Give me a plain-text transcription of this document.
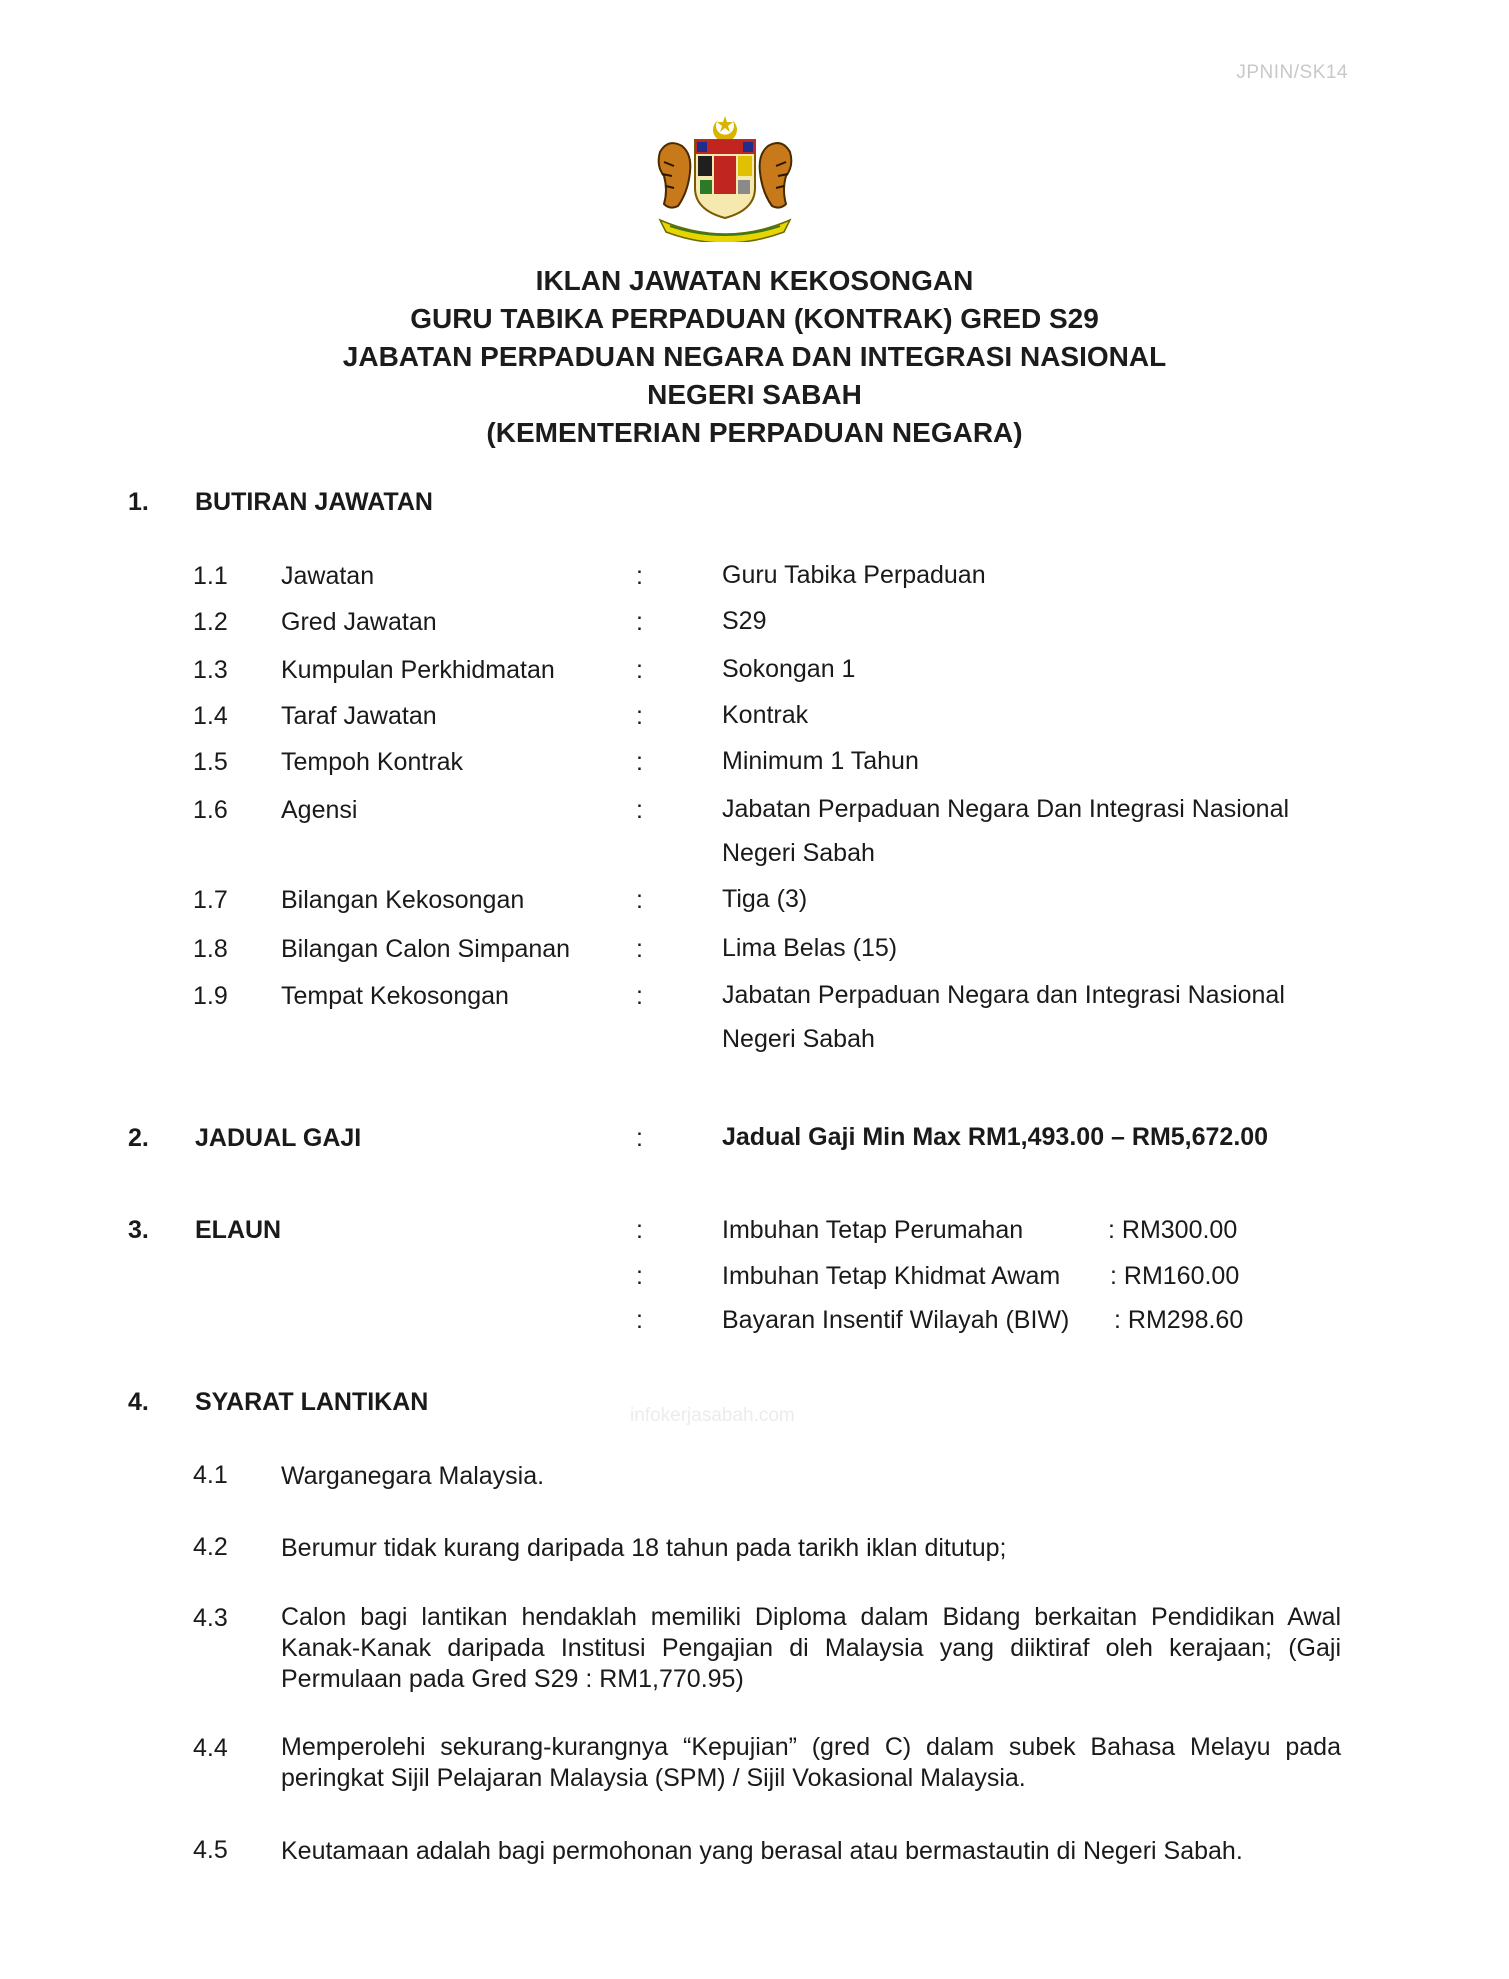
JPNIN/SK14
IKLAN JAWATAN KEKOSONGAN
GURU TABIKA PERPADUAN (KONTRAK) GRED S29
JABATAN PERPADUAN NEGARA DAN INTEGRASI NASIONAL
NEGERI SABAH
(KEMENTERIAN PERPADUAN NEGARA)
1. BUTIRAN JAWATAN
1.1 Jawatan	:	Guru Tabika Perpaduan
1.2 Gred Jawatan	:	S29
1.3 Kumpulan Perkhidmatan	:	Sokongan 1
1.4 Taraf Jawatan	:	Kontrak
1.5 Tempoh Kontrak	:	Minimum 1 Tahun
1.6 Agensi	:	Jabatan Perpaduan Negara Dan Integrasi Nasional
Negeri Sabah
1.7 Bilangan Kekosongan	:	Tiga (3)
1.8 Bilangan Calon Simpanan	:	Lima Belas (15)
1.9 Tempat Kekosongan	:	Jabatan Perpaduan Negara dan Integrasi Nasional
Negeri Sabah
2. JADUAL GAJI	:	Jadual Gaji Min Max RM1,493.00 – RM5,672.00
3. ELAUN	:	Imbuhan Tetap Perumahan	: RM300.00
:	Imbuhan Tetap Khidmat Awam : RM160.00
:	Bayaran Insentif Wilayah (BIW) : RM298.60
4. SYARAT LANTIKAN	infokerjasabah.com
4.1 Warganegara Malaysia.
4.2 Berumur tidak kurang daripada 18 tahun pada tarikh iklan ditutup;
4.3 Calon bagi lantikan hendaklah memiliki Diploma dalam Bidang berkaitan Pendidikan Awal Kanak-Kanak daripada Institusi Pengajian di Malaysia yang diiktiraf oleh kerajaan; (Gaji Permulaan pada Gred S29 : RM1,770.95)
4.4 Memperolehi sekurang-kurangnya “Kepujian” (gred C) dalam subek Bahasa Melayu pada peringkat Sijil Pelajaran Malaysia (SPM) / Sijil Vokasional Malaysia.
4.5 Keutamaan adalah bagi permohonan yang berasal atau bermastautin di Negeri Sabah.
